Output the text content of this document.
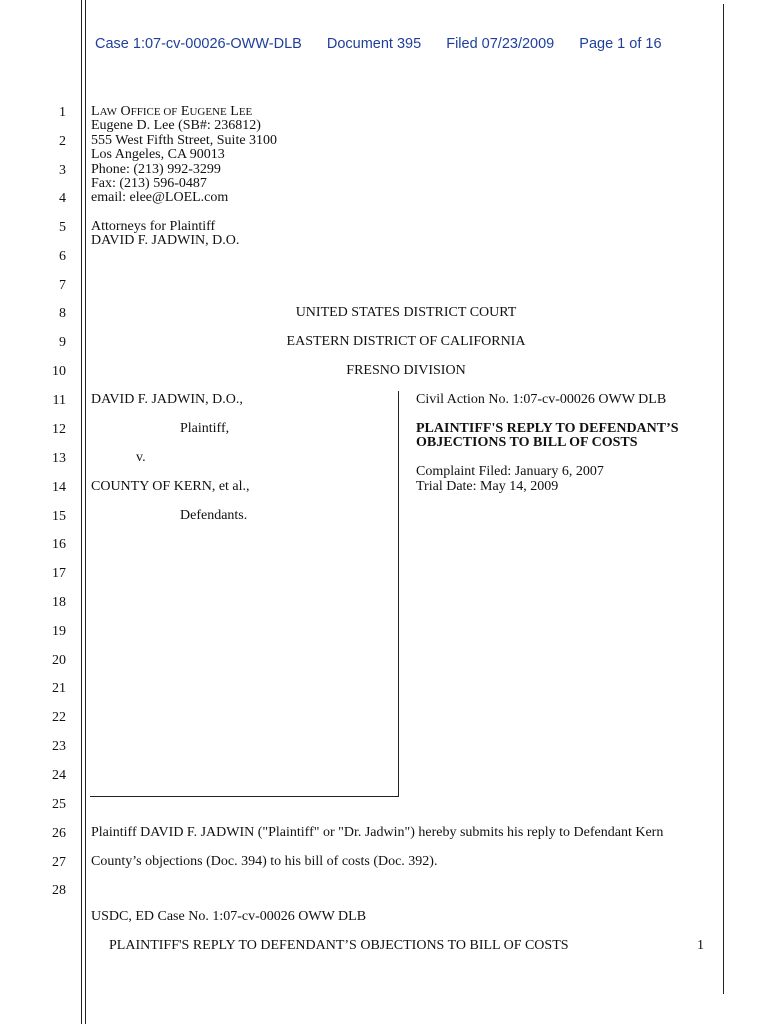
Case 1:07-cv-00026-OWW-DLB Document 395 Filed 07/23/2009 Page 1 of 16
1
2
3
4
5
6
7
8
9
10
11
12
13
14
15
16
17
18
19
20
21
22
23
24
25
26
27
28
LAW OFFICE OF EUGENE LEE
Eugene D. Lee (SB#: 236812)
555 West Fifth Street, Suite 3100
Los Angeles, CA 90013
Phone: (213) 992-3299
Fax: (213) 596-0487
email: elee@LOEL.com
Attorneys for Plaintiff
DAVID F. JADWIN, D.O.
UNITED STATES DISTRICT COURT
EASTERN DISTRICT OF CALIFORNIA
FRESNO DIVISION
DAVID F. JADWIN, D.O.,
Plaintiff,
v.
COUNTY OF KERN, et al.,
Defendants.
Civil Action No. 1:07-cv-00026 OWW DLB
PLAINTIFF'S REPLY TO DEFENDANT’S
OBJECTIONS TO BILL OF COSTS
Complaint Filed: January 6, 2007
Trial Date: May 14, 2009
Plaintiff DAVID F. JADWIN ("Plaintiff" or "Dr. Jadwin") hereby submits his reply to Defendant Kern
County’s objections (Doc. 394) to his bill of costs (Doc. 392).
USDC, ED Case No. 1:07-cv-00026 OWW DLB
PLAINTIFF'S REPLY TO DEFENDANT’S OBJECTIONS TO BILL OF COSTS	1
